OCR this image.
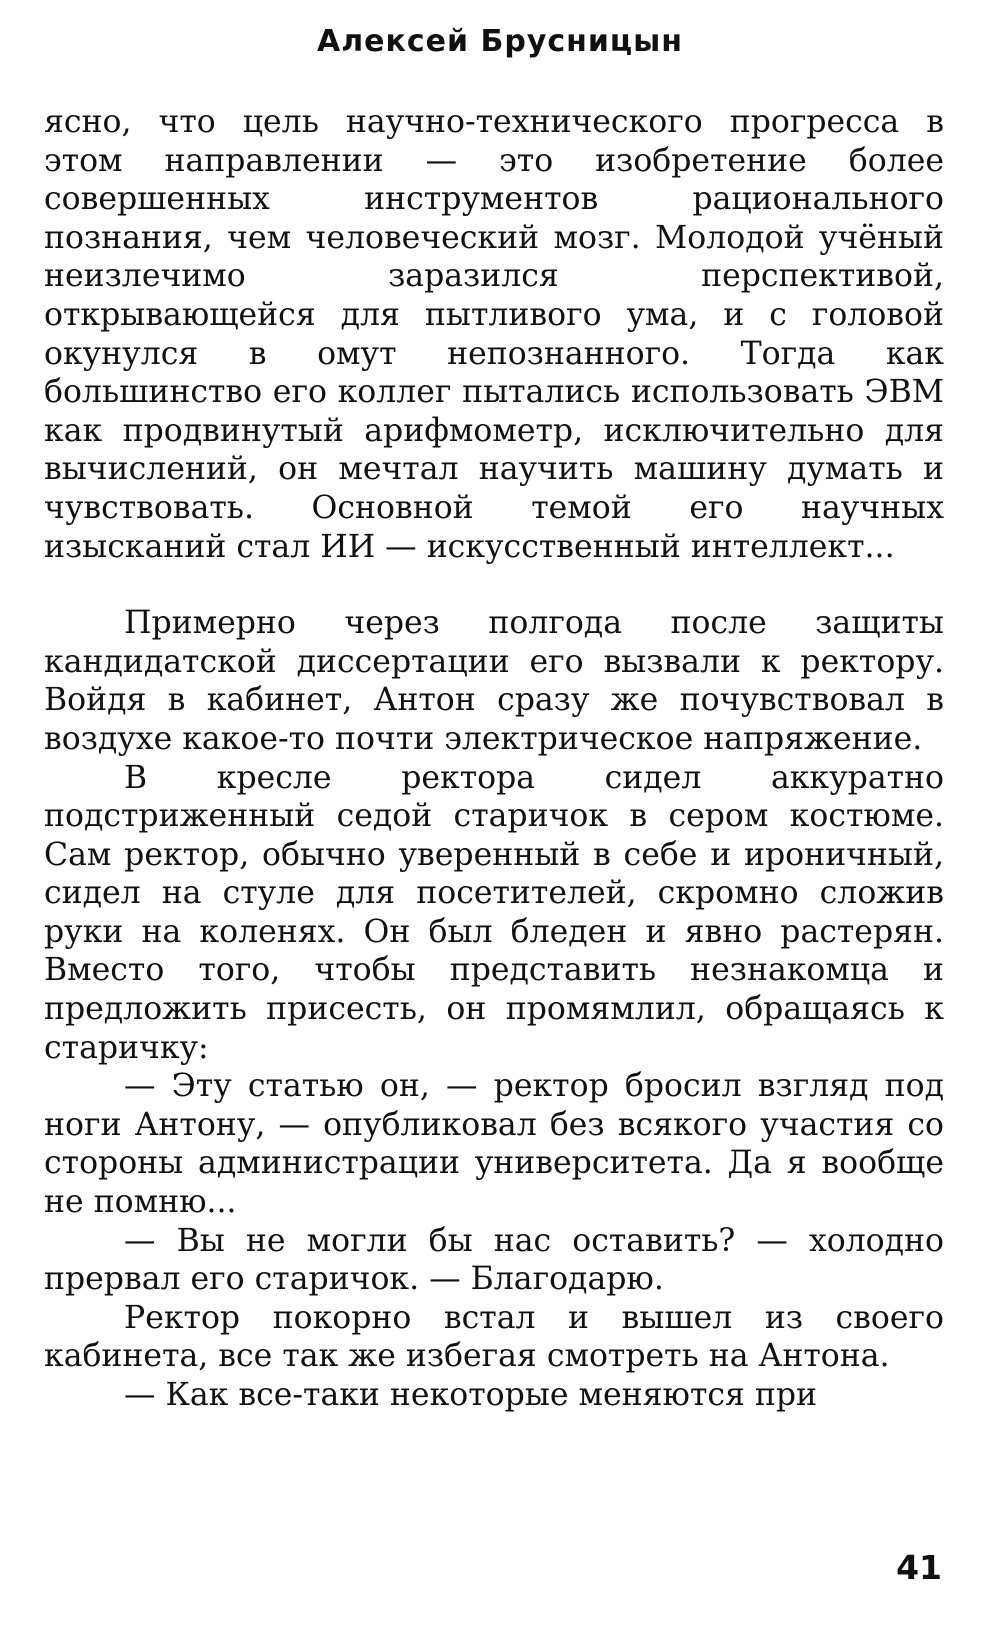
Алексей Брусницын

ясно, что цель научно-технического прогресса в этом направлении — это изобретение более совершенных инструментов рационального познания, чем человеческий мозг. Молодой учёный неизлечимо заразился перспективой, открывающейся для пытливого ума, и с головой окунулся в омут непознанного. Тогда как большинство его коллег пытались использовать ЭВМ как продвинутый арифмометр, исключительно для вычислений, он мечтал научить машину думать и чувствовать. Основной темой его научных изысканий стал ИИ — искусственный интеллект...

Примерно через полгода после защиты кандидатской диссертации его вызвали к ректору. Войдя в кабинет, Антон сразу же почувствовал в воздухе какое-то почти электрическое напряжение.

В кресле ректора сидел аккуратно подстриженный седой старичок в сером костюме. Сам ректор, обычно уверенный в себе и ироничный, сидел на стуле для посетителей, скромно сложив руки на коленях. Он был бледен и явно растерян. Вместо того, чтобы представить незнакомца и предложить присесть, он промямлил, обращаясь к старичку:

— Эту статью он, — ректор бросил взгляд под ноги Антону, — опубликовал без всякого участия со стороны администрации университета. Да я вообще не помню...

— Вы не могли бы нас оставить? — холодно прервал его старичок. — Благодарю.

Ректор покорно встал и вышел из своего кабинета, все так же избегая смотреть на Антона.

— Как все-таки некоторые меняются при

41
